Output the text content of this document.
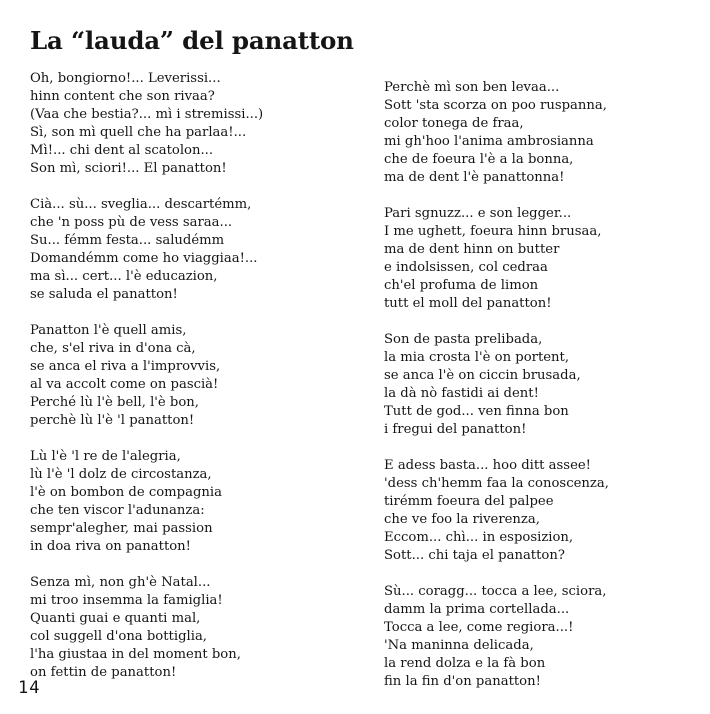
La “lauda” del panatton
Oh, bongiorno!... Leverissi...
hinn content che son rivaa?
(Vaa che bestia?... mì i stremissi...)
Sì, son mì quell che ha parlaa!...
Mì!... chi dent al scatolon...
Son mì, sciori!... El panatton!
Cià... sù... sveglia... descartémm,
che 'n poss pù de vess saraa...
Su... fémm festa... saludémm
Domandémm come ho viaggiaa!...
ma sì... cert... l'è educazion,
se saluda el panatton!
Panatton l'è quell amis,
che, s'el riva in d'ona cà,
se anca el riva a l'improvvis,
al va accolt come on pascià!
Perché lù l'è bell, l'è bon,
perchè lù l'è 'l panatton!
Lù l'è 'l re de l'alegria,
lù l'è 'l dolz de circostanza,
l'è on bombon de compagnia
che ten viscor l'adunanza:
sempr'alegher, mai passion
in doa riva on panatton!
Senza mì, non gh'è Natal...
mi troo insemma la famiglia!
Quanti guai e quanti mal,
col suggell d'ona bottiglia,
l'ha giustaa in del moment bon,
on fettin de panatton!
Perchè mì son ben levaa...
Sott 'sta scorza on poo ruspanna,
color tonega de fraa,
mi gh'hoo l'anima ambrosianna
che de foeura l'è a la bonna,
ma de dent l'è panattonna!
Pari sgnuzz... e son legger...
I me ughett, foeura hinn brusaa,
ma de dent hinn on butter
e indolsissen, col cedraa
ch'el profuma de limon
tutt el moll del panatton!
Son de pasta prelibada,
la mia crosta l'è on portent,
se anca l'è on ciccin brusada,
la dà nò fastidi ai dent!
Tutt de god... ven finna bon
i fregui del panatton!
E adess basta... hoo ditt assee!
'dess ch'hemm faa la conoscenza,
tirémm foeura del palpee
che ve foo la riverenza,
Eccom... chì... in esposizion,
Sott... chi taja el panatton?
Sù... coragg... tocca a lee, sciora,
damm la prima cortellada...
Tocca a lee, come regiora...!
'Na maninna delicada,
la rend dolza e la fà bon
fin la fin d'on panatton!
14
